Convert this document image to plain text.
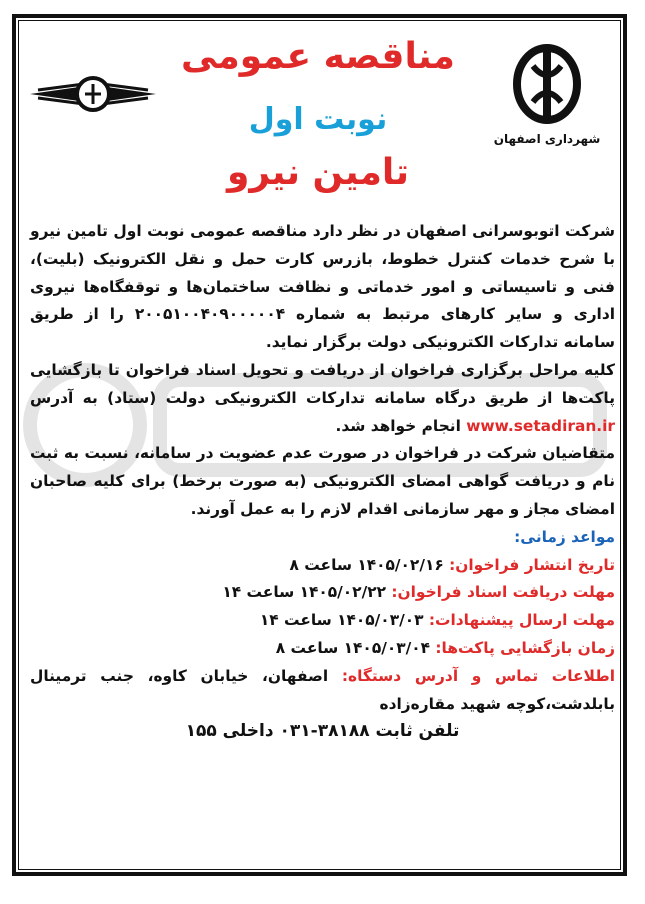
مناقصه عمومی
نوبت اول
تامین نیرو
شهرداری اصفهان

شرکت اتوبوسرانی اصفهان در نظر دارد مناقصه عمومی نوبت اول تامین نیرو با شرح خدمات کنترل خطوط، بازرس کارت حمل و نقل الکترونیک (بلیت)، فنی و تاسیساتی و امور خدماتی و نظافت ساختمان‌ها و توقفگاه‌ها نیروی اداری و سایر کارهای مرتبط به شماره ۲۰۰۵۱۰۰۴۰۹۰۰۰۰۰۴ را از طریق سامانه تدارکات الکترونیکی دولت برگزار نماید.

کلیه مراحل برگزاری فراخوان از دریافت و تحویل اسناد فراخوان تا بازگشایی پاکت‌ها از طریق درگاه سامانه تدارکات الکترونیکی دولت (ستاد) به آدرس www.setadiran.ir انجام خواهد شد.

متقاضیان شرکت در فراخوان در صورت عدم عضویت در سامانه، نسبت به ثبت نام و دریافت گواهی امضای الکترونیکی (به صورت برخط) برای کلیه صاحبان امضای مجاز و مهر سازمانی اقدام لازم را به عمل آورند.

مواعد زمانی:

تاریخ انتشار فراخوان: ۱۴۰۵/۰۲/۱۶ ساعت ۸

مهلت دریافت اسناد فراخوان: ۱۴۰۵/۰۲/۲۲ ساعت ۱۴

مهلت ارسال پیشنهادات: ۱۴۰۵/۰۳/۰۳ ساعت ۱۴

زمان بازگشایی پاکت‌ها: ۱۴۰۵/۰۳/۰۴ ساعت ۸

اطلاعات تماس و آدرس دستگاه: اصفهان، خیابان کاوه، جنب ترمینال بابلدشت،کوچه شهید مقاره‌زاده

تلفن ثابت ۳۸۱۸۸-۰۳۱ داخلی ۱۵۵
